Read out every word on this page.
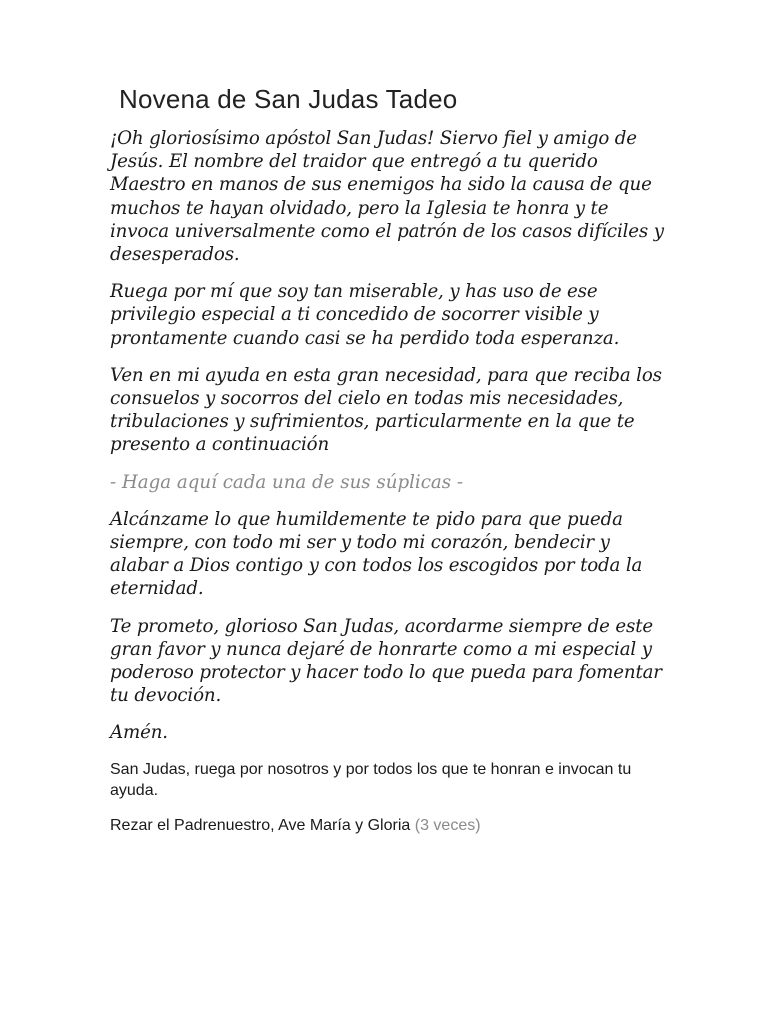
Novena de San Judas Tadeo

¡Oh gloriosísimo apóstol San Judas! Siervo fiel y amigo de Jesús. El nombre del traidor que entregó a tu querido Maestro en manos de sus enemigos ha sido la causa de que muchos te hayan olvidado, pero la Iglesia te honra y te invoca universalmente como el patrón de los casos difíciles y desesperados.

Ruega por mí que soy tan miserable, y has uso de ese privilegio especial a ti concedido de socorrer visible y prontamente cuando casi se ha perdido toda esperanza.

Ven en mi ayuda en esta gran necesidad, para que reciba los consuelos y socorros del cielo en todas mis necesidades, tribulaciones y sufrimientos, particularmente en la que te presento a continuación

- Haga aquí cada una de sus súplicas -

Alcánzame lo que humildemente te pido para que pueda siempre, con todo mi ser y todo mi corazón, bendecir y alabar a Dios contigo y con todos los escogidos por toda la eternidad.

Te prometo, glorioso San Judas, acordarme siempre de este gran favor y nunca dejaré de honrarte como a mi especial y poderoso protector y hacer todo lo que pueda para fomentar tu devoción.

Amén.

San Judas, ruega por nosotros y por todos los que te honran e invocan tu ayuda.

Rezar el Padrenuestro, Ave María y Gloria (3 veces)
